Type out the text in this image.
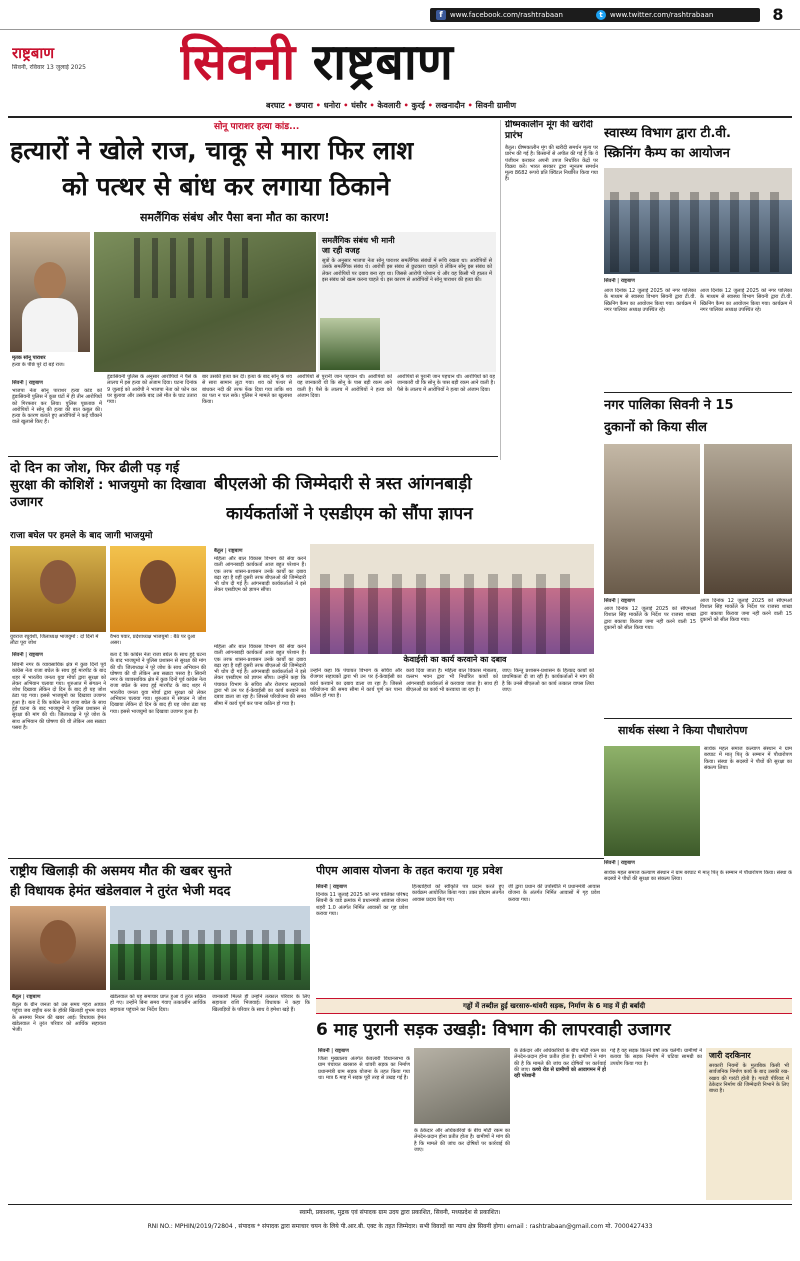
f	www.facebook.com/rashtrabaan	t	www.twitter.com/rashtrabaan	8
राष्ट्रबाण
सिवनी, रविवार 13 जुलाई 2025	सिवनी राष्ट्रबाण
बरघाट • छपारा • धनोरा • घंसौर • केवलारी • कुरई • लखनादौन • सिवनी ग्रामीण
सोनू पाराशर हत्या कांड...
हत्यारों ने खोले राज, चाकू से मारा फिर लाश
को पत्थर से बांध कर लगाया ठिकाने
समलैंगिक संबंध और पैसा बना मौत का कारण!
मृतक सोनू पाराशर
हत्या के पीछे पूरे दो बड़े राज।
समलैंगिक संबंध भी मानी
जा रही वजह
सूत्रों के अनुसार भाजपा नेता सोनू पाराशर समलैंगिक संबंधों में रूचि रखता था। आरोपियों से उसके समलैंगिक संबंध थे। आरोपी इस संबंध से छुटकारा चाहते थे लेकिन सोनू इस संबंध को लेकर आरोपियों पर दबाव बना रहा था। जिससे आरोपी परेशान थे और वह किसी भी हालत में इस संबंध को खत्म करना चाहते थे। इस कारण से आरोपियों ने सोनू पाराशर की हत्या की।
सिवनी | राष्ट्रबाण
भाजपा नेता सोनू पाराशर हत्या कांड को डूंडासिवनी पुलिस ने कुछ घंटों में ही तीन आरोपियों को गिरफ्तार कर लिया। पुलिस पूछताछ में आरोपियों ने सोनू की हत्या की बात कबूल की। हत्या के कारण बताते हुए आरोपियों ने कई चौंकाने वाले खुलासे किए हैं।
डूंडासिवनी पुलिस के अनुसार आरोपियों ने पैसे के लालच में इस हत्या को अंजाम दिया। घटना दिनांक 9 जुलाई को आरोपी ने भाजपा नेता को फोन कर घर बुलाया और उसके बाद उसे मौत के घाट उतारा गया।
बार उसकी हत्या कर दी। हत्या के बाद सोनू के शव से सारा सामान लूटा गया। शव को पत्थर से बांधकर नदी की तरफ फेंक दिया गया ताकि शव का पता न चल सके। पुलिस ने मामले का खुलासा किया।
आरोपियों से पुरानी जान पहचान थी। आरोपियों को यह जानकारी थी कि सोनू के पास बड़ी रकम आने वाली है। पैसे के लालच में आरोपियों ने हत्या को अंजाम दिया।
आरोपियों से पुरानी जान पहचान थी। आरोपियों को यह जानकारी थी कि सोनू के पास बड़ी रकम आने वाली है। पैसे के लालच में आरोपियों ने हत्या को अंजाम दिया।
दो दिन का जोश, फिर ढीली पड़ गई सुरक्षा की कोशिशें : भाजयुमो का दिखावा उजागर
राजा बघेल पर हमले के बाद जागी भाजयुमो
युवराज रघुवंशी, जिलाध्यक्ष भाजयुमो : दो दिनों में लौटा पूरा जोश
वैभव पवार, प्रदेशाध्यक्ष भाजयुमो : बैठे पर दुआ असर।
सिवनी | राष्ट्रबाण
सिवनी नगर के व्यावसायिक क्षेत्र में कुछ दिनों पूर्व कांग्रेस नेता राजा बघेल के साथ हुई मारपीट के बाद शहर में भारतीय जनता युवा मोर्चा द्वारा सुरक्षा को लेकर अभियान चलाया गया। शुरुआत में संगठन ने जोश दिखाया लेकिन दो दिन के बाद ही यह जोश ठंडा पड़ गया। इससे भाजयुमो का दिखावा उजागर हुआ है। बता दें कि कांग्रेस नेता राजा बघेल के साथ हुई घटना के बाद भाजयुमो ने पुलिस प्रशासन से सुरक्षा की मांग की थी। जिलाध्यक्ष ने पूरे जोश के साथ अभियान की घोषणा की थी लेकिन अब सन्नाटा पसरा है।
बता दें कि कांग्रेस नेता राजा बघेल के साथ हुई घटना के बाद भाजयुमो ने पुलिस प्रशासन से सुरक्षा की मांग की थी। जिलाध्यक्ष ने पूरे जोश के साथ अभियान की घोषणा की थी लेकिन अब सन्नाटा पसरा है। सिवनी नगर के व्यावसायिक क्षेत्र में कुछ दिनों पूर्व कांग्रेस नेता राजा बघेल के साथ हुई मारपीट के बाद शहर में भारतीय जनता युवा मोर्चा द्वारा सुरक्षा को लेकर अभियान चलाया गया। शुरुआत में संगठन ने जोश दिखाया लेकिन दो दिन के बाद ही यह जोश ठंडा पड़ गया। इससे भाजयुमो का दिखावा उजागर हुआ है।
बीएलओ की जिम्मेदारी से त्रस्त आंगनबाड़ी
कार्यकर्ताओं ने एसडीएम को सौंपा ज्ञापन
बैतूल | राष्ट्रबाण
महिला और बाल विकास विभाग की सेंवा करने वाली आंगनबाड़ी कार्यकर्ता आज बहुत परेशान हैं। एक तरफ शासन-प्रशासन उनके कार्यों का दबाव बढ़ा रहा है वहीं दूसरी तरफ बीएलओ की जिम्मेदारी भी थोप दी गई है। आंगनबाड़ी कार्यकर्ताओं ने इसे लेकर एसडीएम को ज्ञापन सौंपा।
केवाईसी का कार्य करवाने का दबाव
महिला और बाल विकास विभाग की सेंवा करने वाली आंगनबाड़ी कार्यकर्ता आज बहुत परेशान हैं। एक तरफ शासन-प्रशासन उनके कार्यों का दबाव बढ़ा रहा है वहीं दूसरी तरफ बीएलओ की जिम्मेदारी भी थोप दी गई है। आंगनबाड़ी कार्यकर्ताओं ने इसे लेकर एसडीएम को ज्ञापन सौंपा। उन्होंने कहा कि पंचायत विभाग के सचिव और रोजगार सहायकों द्वारा भी उन पर ई-केवाईसी का कार्य करवाने का दबाव डाला जा रहा है। जिससे परियोजना की समय सीमा में कार्य पूर्ण कर पाना कठिन हो गया है।
उन्होंने कहा कि पंचायत विभाग के सचिव और रोजगार सहायकों द्वारा भी उन पर ई-केवाईसी का कार्य करवाने का दबाव डाला जा रहा है। जिससे परियोजना की समय सीमा में कार्य पूर्ण कर पाना कठिन हो गया है।
कार्य दिया जाता है। महिला बाल विकास मंत्रालय, वल्लभ भवन द्वारा भी निर्धारित कार्यों को आंगनबाड़ी कार्यकर्ता से करवाया जाता है। साथ ही बीएलओ का कार्य भी करवाया जा रहा है।
जाए। किन्तु प्रशासन-प्रशासन के हितप्रद कार्यों को प्राथमिकता दी जा रही है। कार्यकर्ताओं ने मांग की है कि उनसे बीएलओ का कार्य तत्काल वापस लिया जाए।
राष्ट्रीय खिलाड़ी की असमय मौत की खबर सुनते
ही विधायक हेमंत खंडेलवाल ने तुरंत भेजी मदद
बैतूल | राष्ट्रबाण
बैतूल के ग्रीन जनता को उस समय गहरा आघात पहुंचा जब राष्ट्रीय स्तर के हॉकी खिलाड़ी शुभम यादव के असमय निधन की खबर आई। विधायक हेमंत खंडेलवाल ने तुरंत परिवार को आर्थिक सहायता भेजी।
खंडेलवाल को यह समाचार प्राप्त हुआ वे तुरंत सक्रिय हो गए। उन्होंने बिना समय गंवाए तत्कालीन आर्थिक सहायता पहुंचाने का निर्देश दिया।
जानकारी मिलते ही उन्होंने तत्काल परिवार के लिए सहायता राशि भिजवाई। विधायक ने कहा कि खिलाड़ियों के परिवार के साथ वे हमेशा खड़े हैं।
पीएम आवास योजना के तहत कराया गृह प्रवेश
सिवनी | राष्ट्रबाण
दिनांक 11 जुलाई 2025 को नगर पालिका परिषद सिवनी के वार्ड क्रमांक में प्रधानमंत्री आवास योजना शहरी 1.0 अंतर्गत निर्मित आवासों का गृह प्रवेश कराया गया।
हितग्राहियों को स्वीकृति पत्र प्रदान करते हुए कार्यक्रम आयोजित किया गया। उक्त प्रोग्राम अंतर्गत आवास प्रदाय किए गए।
जी द्वारा प्रधान की उपस्थिति में प्रधानमंत्री आवास योजना के अंतर्गत निर्मित आवासों में गृह प्रवेश कराया गया।
ग्रीष्मकालीन मूंग की खरीदी प्रारंभ
बैतूल। ग्रीष्मकालीन मूंग की खरीदी समर्थन मूल्य पर प्रारंभ की गई है। किसानों से अपील की गई है कि वे पंजीयन कराकर अपनी उपज निर्धारित केंद्रों पर विक्रय करें। भारत सरकार द्वारा न्यूनतम समर्थन मूल्य 8682 रूपये प्रति क्विंटल निर्धारित किया गया है।
स्वास्थ्य विभाग द्वारा टी.वी.
स्क्रिनिंग कैम्प का आयोजन
सिवनी | राष्ट्रबाण
आज दिनांक 12 जुलाई 2025 को नगर पालिका के माध्यम से स्वास्थ्य विभाग सिवनी द्वारा टी.वी. स्क्रिनिंग कैम्प का आयोजन किया गया। कार्यक्रम में नगर पालिका अध्यक्ष उपस्थित रहे।
आज दिनांक 12 जुलाई 2025 को नगर पालिका के माध्यम से स्वास्थ्य विभाग सिवनी द्वारा टी.वी. स्क्रिनिंग कैम्प का आयोजन किया गया। कार्यक्रम में नगर पालिका अध्यक्ष उपस्थित रहे।
नगर पालिका सिवनी ने 15
दुकानों को किया सील
सिवनी | राष्ट्रबाण
आज दिनांक 12 जुलाई 2025 को सीएमओ विशाल सिंह मार्कोले के निर्देश पर राजस्व शाखा द्वारा बकाया किराया जमा नहीं करने वाली 15 दुकानों को सील किया गया।
आज दिनांक 12 जुलाई 2025 को सीएमओ विशाल सिंह मार्कोले के निर्देश पर राजस्व शाखा द्वारा बकाया किराया जमा नहीं करने वाली 15 दुकानों को सील किया गया।
सार्थक संस्था ने किया पौधारोपण
सिवनी | राष्ट्रबाण
सार्थक महल समाज कल्याण संस्थान ने ग्राम बरघाट में मातृ पितृ के सम्मान में पौधारोपण किया। संस्था के सदस्यों ने पौधों की सुरक्षा का संकल्प लिया।
सार्थक महल समाज कल्याण संस्थान ने ग्राम बरघाट में मातृ पितृ के सम्मान में पौधारोपण किया। संस्था के सदस्यों ने पौधों की सुरक्षा का संकल्प लिया।
गड्ढों में तब्दील हुई खरसारु-थांवरी सड़क, निर्माण के 6 माह में ही बर्बादी
6 माह पुरानी सड़क उखड़ी: विभाग की लापरवाही उजागर
सिवनी | राष्ट्रबाण
जिला मुख्यालय अंतर्गत केवलारी विधानसभा के ग्राम पंचायत खरसारु से थांवरी सड़क का निर्माण प्रधानमंत्री ग्राम सड़क योजना के तहत किया गया था। मात्र 6 माह में सड़क पूरी तरह से उखड़ गई है।
के ठेकेदार और अधिकारियों के बीच मोटी रकम का लेनदेन-प्रदान होना प्रतीत होता है। ग्रामीणों ने मांग की है कि मामले की जांच कर दोषियों पर कार्रवाई की जाए।
के ठेकेदार और अधिकारियों के बीच मोटी रकम का लेनदेन-प्रदान होना प्रतीत होता है। ग्रामीणों ने मांग की है कि मामले की जांच कर दोषियों पर कार्रवाई की जाए। कच्चे रोड से ग्रामीणों को आवागमन में हो रही परेशानी
गई है वह सड़क कितने वर्षों तक चलेगी। ग्रामीणों ने बताया कि सड़क निर्माण में घटिया सामग्री का उपयोग किया गया है।
जारी दरकिनार
सरकारी नियमों के मुताबिक किसी भी सार्वजनिक निर्माण कार्य के बाद उसकी रख-रखाव की गारंटी होती है। गारंटी पीरियड में ठेकेदार निर्माण की जिम्मेदारी निभाने के लिए बाध्य है।
स्वामी, प्रकाशक, मुद्रक एवं संपादक ग्राम उदय द्वारा प्रकाशित, सिवनी, मध्यप्रदेश से प्रकाशित।
RNI NO.: MPHIN/2019/72804 , संपादक * संपादक द्वारा समाचार चयन के लिये पी.आर.बी. एक्ट के तहत जिम्मेदार। सभी विवादों का न्याय क्षेत्र सिवनी होगा। email : rashtrabaan@gmail.com मो. 7000427433
